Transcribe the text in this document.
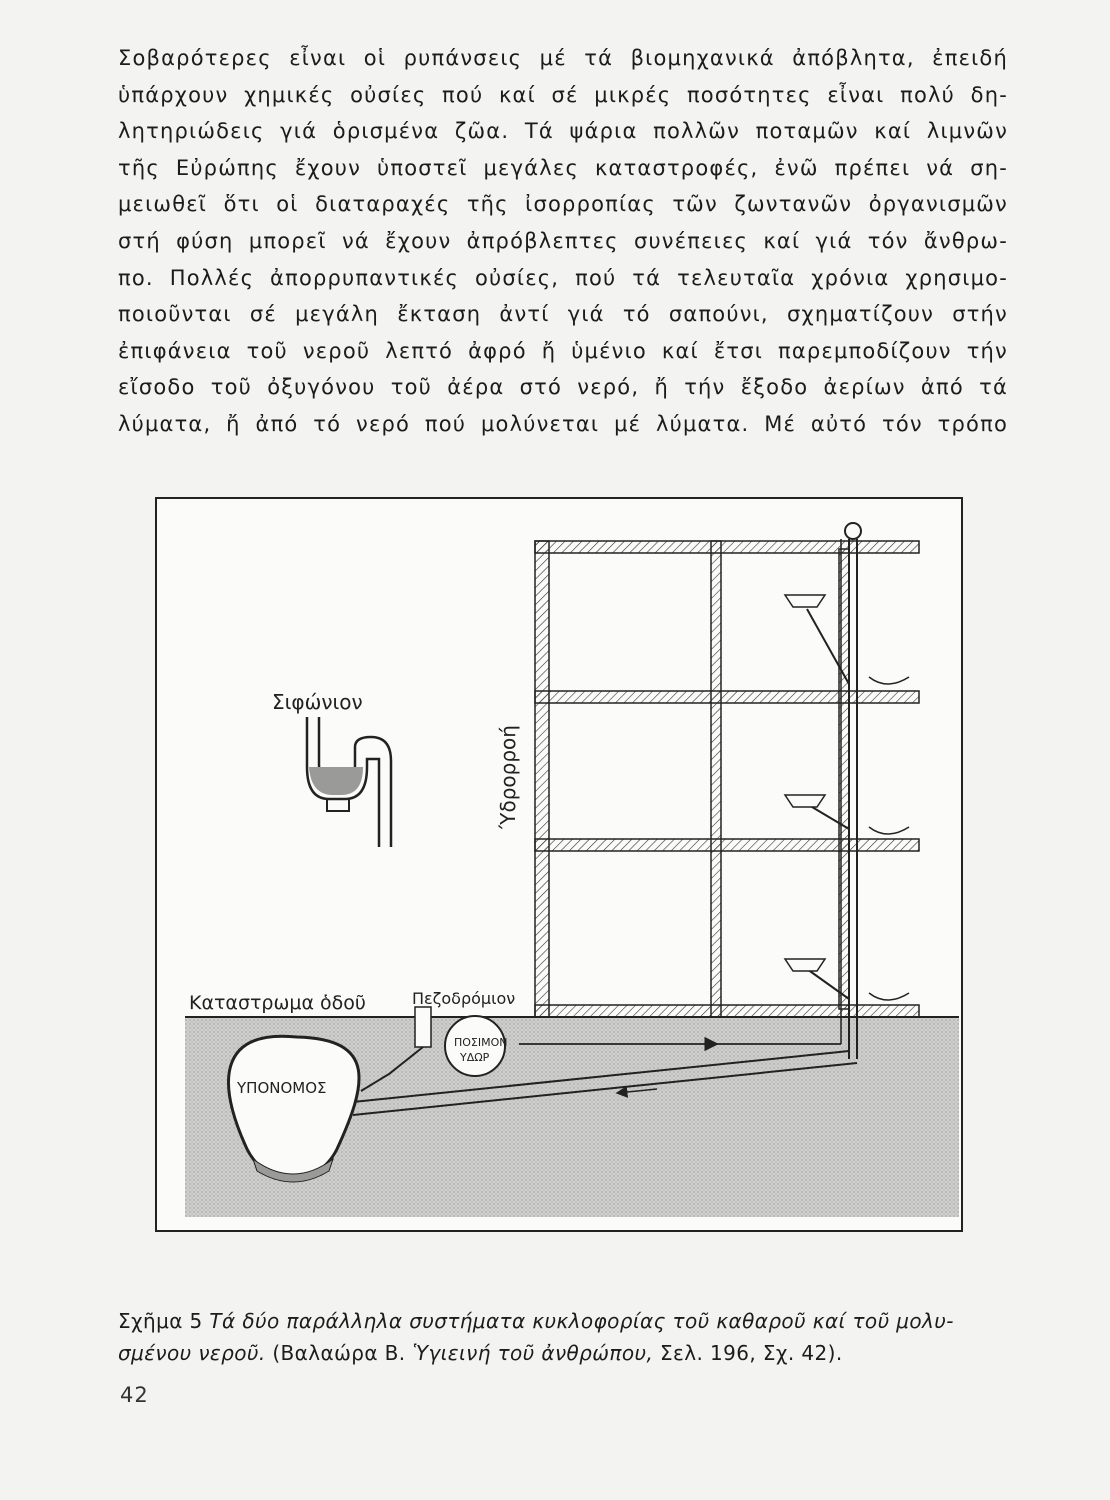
Σοβαρότερες εἶναι οἱ ρυπάνσεις μέ τά βιομηχανικά ἀπόβλητα, ἐπειδή
ὑπάρχουν χημικές οὐσίες πού καί σέ μικρές ποσότητες εἶναι πολύ δη-
λητηριώδεις γιά ὁρισμένα ζῶα. Τά ψάρια πολλῶν ποταμῶν καί λιμνῶν
τῆς Εὐρώπης ἔχουν ὑποστεῖ μεγάλες καταστροφές, ἐνῶ πρέπει νά ση-
μειωθεῖ ὅτι οἱ διαταραχές τῆς ἰσορροπίας τῶν ζωντανῶν ὀργανισμῶν
στή φύση μπορεῖ νά ἔχουν ἀπρόβλεπτες συνέπειες καί γιά τόν ἄνθρω-
πο. Πολλές ἀπορρυπαντικές οὐσίες, πού τά τελευταῖα χρόνια χρησιμο-
ποιοῦνται σέ μεγάλη ἔκταση ἀντί γιά τό σαπούνι, σχηματίζουν στήν
ἐπιφάνεια τοῦ νεροῦ λεπτό ἀφρό ἤ ὑμένιο καί ἔτσι παρεμποδίζουν τήν
εἴσοδο τοῦ ὀξυγόνου τοῦ ἀέρα στό νερό, ἤ τήν ἔξοδο ἀερίων ἀπό τά
λύματα, ἤ ἀπό τό νερό πού μολύνεται μέ λύματα. Μέ αὐτό τόν τρόπο
Σιφώνιον
Ύδρορροή
Καταστρωμα ὁδοῦ	Πεζοδρόμιον
ΥΠΟΝΟΜΟΣ
ΠΟΣΙΜΟΝ
ΥΔΩΡ

Σχῆμα 5 Τά δύο παράλληλα συστήματα κυκλοφορίας τοῦ καθαροῦ καί τοῦ μολυ-σμένου νεροῦ. (Βαλαώρα Β. Ὑγιεινή τοῦ ἀνθρώπου, Σελ. 196, Σχ. 42).

42
